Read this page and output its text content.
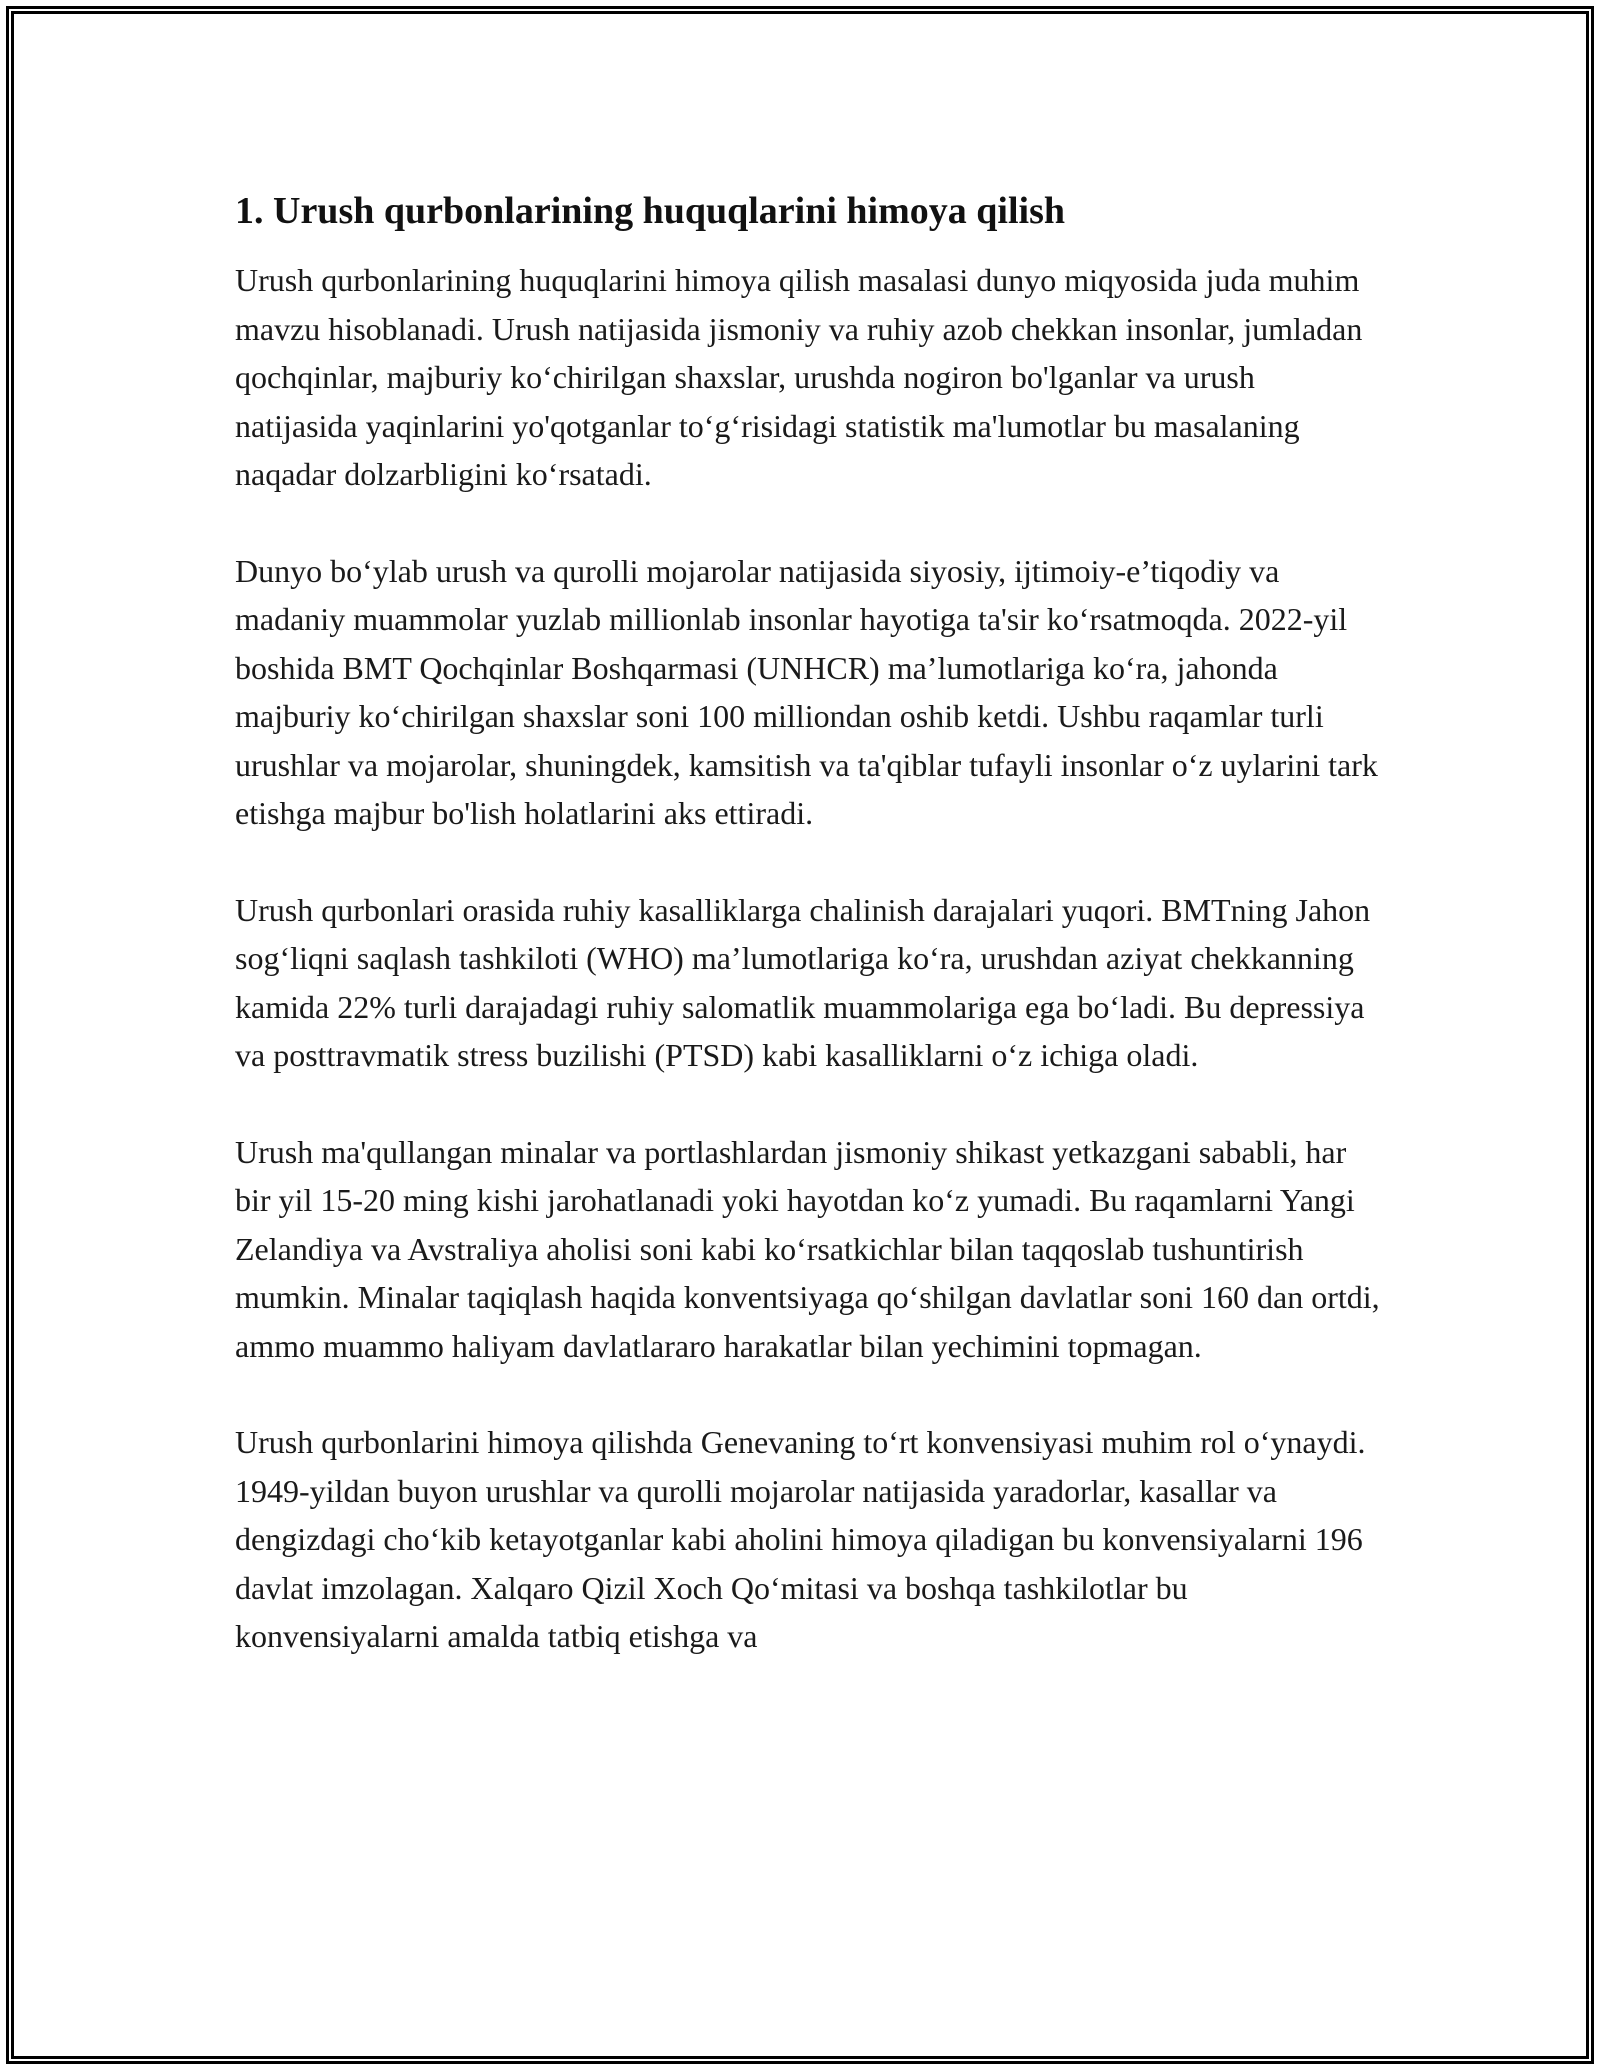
1. Urush qurbonlarining huquqlarini himoya qilish

Urush qurbonlarining huquqlarini himoya qilish masalasi dunyo miqyosida juda muhim mavzu hisoblanadi. Urush natijasida jismoniy va ruhiy azob chekkan insonlar, jumladan qochqinlar, majburiy ko‘chirilgan shaxslar, urushda nogiron bo'lganlar va urush natijasida yaqinlarini yo'qotganlar to‘g‘risidagi statistik ma'lumotlar bu masalaning naqadar dolzarbligini ko‘rsatadi.

Dunyo bo‘ylab urush va qurolli mojarolar natijasida siyosiy, ijtimoiy-e’tiqodiy va madaniy muammolar yuzlab millionlab insonlar hayotiga ta'sir ko‘rsatmoqda. 2022-yil boshida BMT Qochqinlar Boshqarmasi (UNHCR) ma’lumotlariga ko‘ra, jahonda majburiy ko‘chirilgan shaxslar soni 100 milliondan oshib ketdi. Ushbu raqamlar turli urushlar va mojarolar, shuningdek, kamsitish va ta'qiblar tufayli insonlar o‘z uylarini tark etishga majbur bo'lish holatlarini aks ettiradi.

Urush qurbonlari orasida ruhiy kasalliklarga chalinish darajalari yuqori. BMTning Jahon sog‘liqni saqlash tashkiloti (WHO) ma’lumotlariga ko‘ra, urushdan aziyat chekkanning kamida 22% turli darajadagi ruhiy salomatlik muammolariga ega bo‘ladi. Bu depressiya va posttravmatik stress buzilishi (PTSD) kabi kasalliklarni o‘z ichiga oladi.

Urush ma'qullangan minalar va portlashlardan jismoniy shikast yetkazgani sababli, har bir yil 15-20 ming kishi jarohatlanadi yoki hayotdan ko‘z yumadi. Bu raqamlarni Yangi Zelandiya va Avstraliya aholisi soni kabi ko‘rsatkichlar bilan taqqoslab tushuntirish mumkin. Minalar taqiqlash haqida konventsiyaga qo‘shilgan davlatlar soni 160 dan ortdi, ammo muammo haliyam davlatlararo harakatlar bilan yechimini topmagan.

Urush qurbonlarini himoya qilishda Genevaning to‘rt konvensiyasi muhim rol o‘ynaydi. 1949-yildan buyon urushlar va qurolli mojarolar natijasida yaradorlar, kasallar va dengizdagi cho‘kib ketayotganlar kabi aholini himoya qiladigan bu konvensiyalarni 196 davlat imzolagan. Xalqaro Qizil Xoch Qo‘mitasi va boshqa tashkilotlar bu konvensiyalarni amalda tatbiq etishga va
